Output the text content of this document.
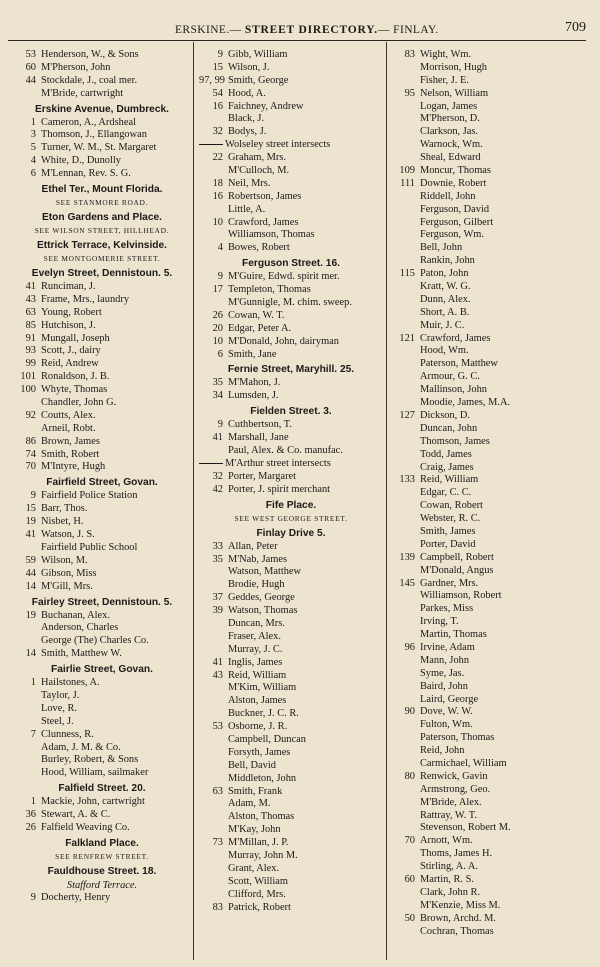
ERSKINE.— STREET DIRECTORY.— FINLAY.	709
53 Henderson, W., & Sons
60 M'Pherson, John
44 Stockdale, J., coal mer.
M'Bride, cartwright
Erskine Avenue, Dumbreck.
1 Cameron, A., Ardsheal
3 Thomson, J., Ellangowan
5 Turner, W. M., St. Margaret
4 White, D., Dunolly
6 M'Lennan, Rev. S. G.
Ethel Ter., Mount Florida.
SEE STANMORE ROAD.
Eton Gardens and Place.
SEE WILSON STREET, HILLHEAD.
Ettrick Terrace, Kelvinside.
SEE MONTGOMERIE STREET.
Evelyn Street, Dennistoun. 5.
41 Runciman, J.
43 Frame, Mrs., laundry
63 Young, Robert
85 Hutchison, J.
91 Mungall, Joseph
93 Scott, J., dairy
99 Reid, Andrew
101 Ronaldson, J. B.
100 Whyte, Thomas
Chandler, John G.
92 Coutts, Alex.
Arneil, Robt.
86 Brown, James
74 Smith, Robert
70 M'Intyre, Hugh
Fairfield Street, Govan.
9 Fairfield Police Station
15 Barr, Thos.
19 Nisbet, H.
41 Watson, J. S.
Fairfield Public School
59 Wilson, M.
44 Gibson, Miss
14 M'Gill, Mrs.
Fairley Street, Dennistoun. 5.
19 Buchanan, Alex.
Anderson, Charles
George (The) Charles Co.
14 Smith, Matthew W.
Fairlie Street, Govan.
1 Hailstones, A.
Taylor, J.
Love, R.
Steel, J.
7 Clunness, R.
Adam, J. M. & Co.
Burley, Robert, & Sons
Hood, William, sailmaker
Falfield Street. 20.
1 Mackie, John, cartwright
36 Stewart, A. & C.
26 Falfield Weaving Co.
Falkland Place.
SEE RENFREW STREET.
Fauldhouse Street. 18.
Stafford Terrace.
9 Docherty, Henry
9 Gibb, William
15 Wilson, J.
97, 99 Smith, George
54 Hood, A.
16 Faichney, Andrew
Black, J.
32 Bodys, J.
Wolseley street intersects
22 Graham, Mrs.
M'Culloch, M.
18 Neil, Mrs.
16 Robertson, James
Little, A.
10 Crawford, James
Williamson, Thomas
4 Bowes, Robert
Ferguson Street. 16.
9 M'Guire, Edwd. spirit mer.
17 Templeton, Thomas
M'Gunnigle, M. chim. sweep.
26 Cowan, W. T.
20 Edgar, Peter A.
10 M'Donald, John, dairyman
6 Smith, Jane
Fernie Street, Maryhill. 25.
35 M'Mahon, J.
34 Lumsden, J.
Fielden Street. 3.
9 Cuthbertson, T.
41 Marshall, Jane
Paul, Alex. & Co. manufac.
M'Arthur street intersects
32 Porter, Margaret
42 Porter, J. spirit merchant
Fife Place.
SEE WEST GEORGE STREET.
Finlay Drive 5.
33 Allan, Peter
35 M'Nab, James
Watson, Matthew
Brodie, Hugh
37 Geddes, George
39 Watson, Thomas
Duncan, Mrs.
Fraser, Alex.
Murray, J. C.
41 Inglis, James
43 Reid, William
M'Kim, William
Alston, James
Buckner, J. C. R.
53 Osborne, J. R.
Campbell, Duncan
Forsyth, James
Bell, David
Middleton, John
63 Smith, Frank
Adam, M.
Alston, Thomas
M'Kay, John
73 M'Millan, J. P.
Murray, John M.
Grant, Alex.
Scott, William
Clifford, Mrs.
83 Patrick, Robert
83 Wight, Wm.
Morrison, Hugh
Fisher, J. E.
95 Nelson, William
Logan, James
M'Pherson, D.
Clarkson, Jas.
Warnock, Wm.
Sheal, Edward
109 Moncur, Thomas
111 Downie, Robert
Riddell, John
Ferguson, David
Ferguson, Gilbert
Ferguson, Wm.
Bell, John
Rankin, John
115 Paton, John
Kratt, W. G.
Dunn, Alex.
Short, A. B.
Muir, J. C.
121 Crawford, James
Hood, Wm.
Paterson, Matthew
Armour, G. C.
Mallinson, John
Moodie, James, M.A.
127 Dickson, D.
Duncan, John
Thomson, James
Todd, James
Craig, James
133 Reid, William
Edgar, C. C.
Cowan, Robert
Webster, R. C.
Smith, James
Porter, David
139 Campbell, Robert
M'Donald, Angus
145 Gardner, Mrs.
Williamson, Robert
Parkes, Miss
Irving, T.
Martin, Thomas
96 Irvine, Adam
Mann, John
Syme, Jas.
Baird, John
Laird, George
90 Dove, W. W.
Fulton, Wm.
Paterson, Thomas
Reid, John
Carmichael, William
80 Renwick, Gavin
Armstrong, Geo.
M'Bride, Alex.
Rattray, W. T.
Stevenson, Robert M.
70 Arnott, Wm.
Thoms, James H.
Stirling, A. A.
60 Martin, R. S.
Clark, John R.
M'Kenzie, Miss M.
50 Brown, Archd. M.
Cochran, Thomas
